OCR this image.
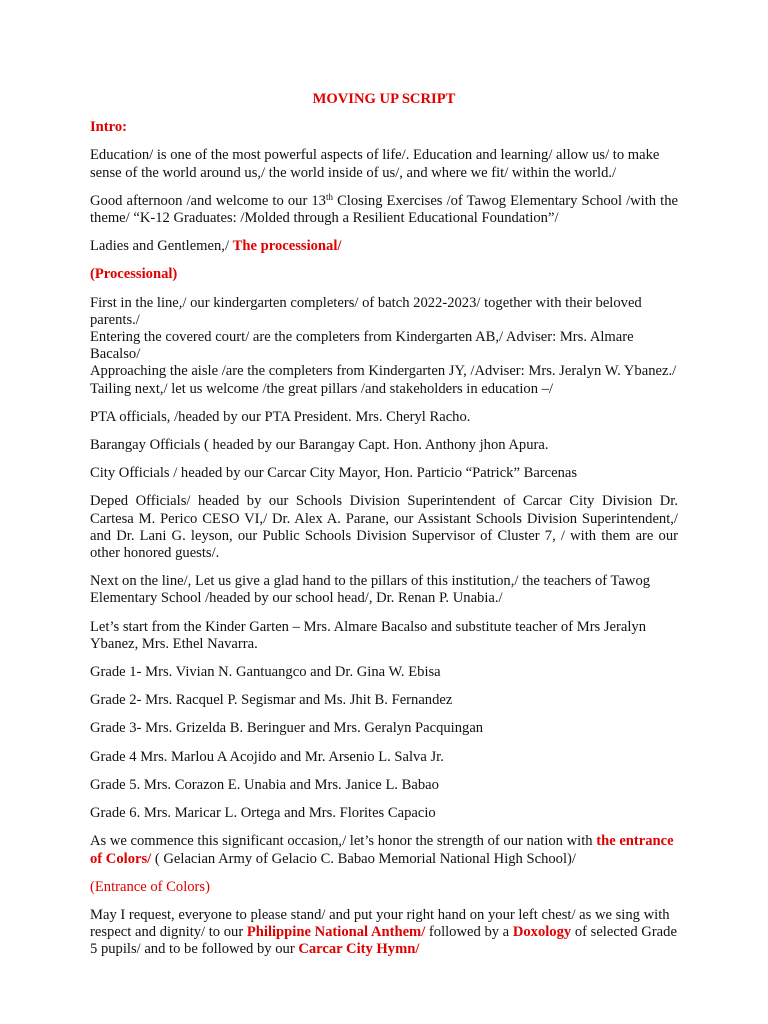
MOVING UP SCRIPT

Intro:

Education/ is one of the most powerful aspects of life/. Education and learning/ allow us/ to make sense of the world around us,/ the world inside of us/, and where we fit/ within the world./

Good afternoon /and welcome to our 13th Closing Exercises /of Tawog Elementary School /with the theme/ “K-12 Graduates: /Molded through a Resilient Educational Foundation”/

Ladies and Gentlemen,/ The processional/

(Processional)

First in the line,/ our kindergarten completers/ of batch 2022-2023/ together with their beloved parents./
Entering the covered court/ are the completers from Kindergarten AB,/ Adviser: Mrs. Almare Bacalso/
Approaching the aisle /are the completers from Kindergarten JY, /Adviser: Mrs. Jeralyn W. Ybanez./
Tailing next,/ let us welcome /the great pillars /and stakeholders in education –/

PTA officials, /headed by our PTA President. Mrs. Cheryl Racho.

Barangay Officials ( headed by our Barangay Capt. Hon. Anthony jhon Apura.

City Officials / headed by our Carcar City Mayor, Hon. Particio “Patrick” Barcenas

Deped Officials/ headed by our Schools Division Superintendent of Carcar City Division Dr. Cartesa M. Perico CESO VI,/ Dr. Alex A. Parane, our Assistant Schools Division Superintendent,/ and Dr. Lani G. leyson, our Public Schools Division Supervisor of Cluster 7, / with them are our other honored guests/.

Next on the line/, Let us give a glad hand to the pillars of this institution,/ the teachers of Tawog Elementary School /headed by our school head/, Dr. Renan P. Unabia./

Let’s start from the Kinder Garten – Mrs. Almare Bacalso and substitute teacher of Mrs Jeralyn Ybanez, Mrs. Ethel Navarra.

Grade 1- Mrs. Vivian N. Gantuangco and Dr. Gina W. Ebisa

Grade 2- Mrs. Racquel P. Segismar and Ms. Jhit B. Fernandez

Grade 3- Mrs. Grizelda B. Beringuer and Mrs. Geralyn Pacquingan

Grade 4 Mrs. Marlou A Acojido and Mr. Arsenio L. Salva Jr.

Grade 5. Mrs. Corazon E. Unabia and Mrs. Janice L. Babao

Grade 6. Mrs. Maricar L. Ortega and Mrs. Florites Capacio

As we commence this significant occasion,/ let’s honor the strength of our nation with the entrance of Colors/ ( Gelacian Army of Gelacio C. Babao Memorial National High School)/

(Entrance of Colors)

May I request, everyone to please stand/ and put your right hand on your left chest/ as we sing with respect and dignity/ to our Philippine National Anthem/ followed by a Doxology of selected Grade 5 pupils/ and to be followed by our Carcar City Hymn/
